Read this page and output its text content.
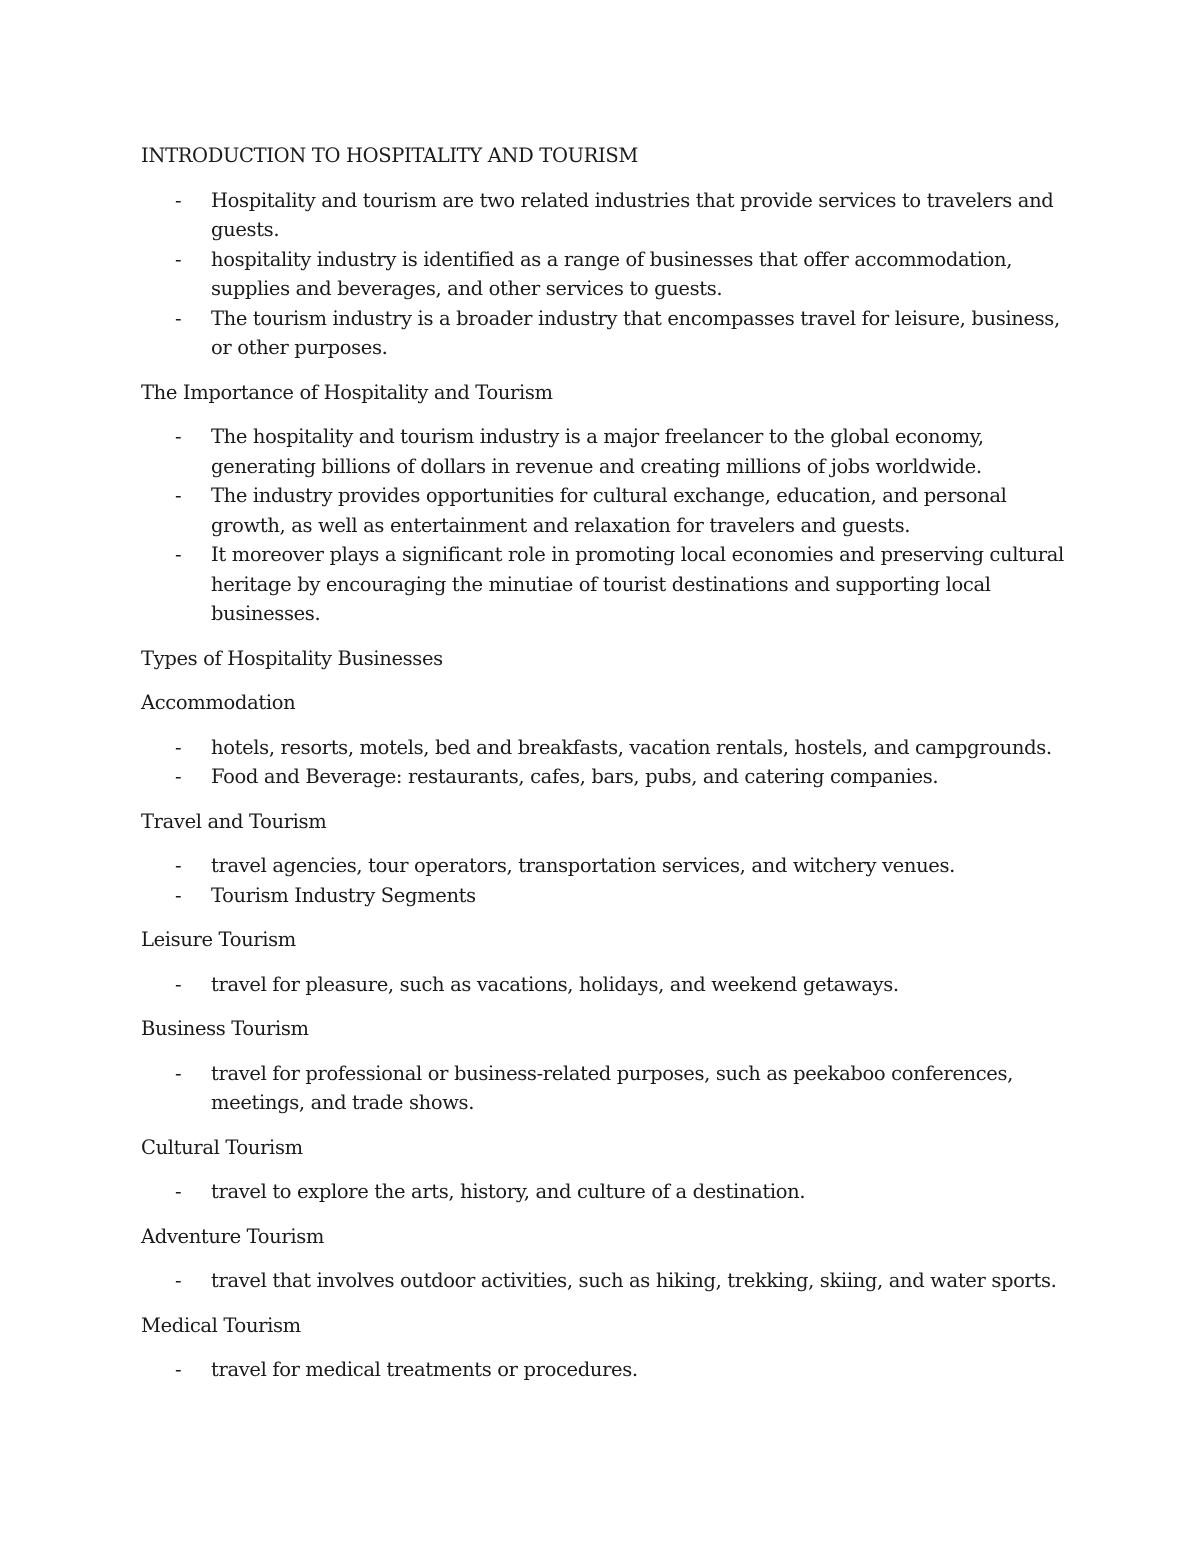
INTRODUCTION TO HOSPITALITY AND TOURISM

- Hospitality and tourism are two related industries that provide services to travelers and guests.
- hospitality industry is identified as a range of businesses that offer accommodation, supplies and beverages, and other services to guests.
- The tourism industry is a broader industry that encompasses travel for leisure, business, or other purposes.

The Importance of Hospitality and Tourism

- The hospitality and tourism industry is a major freelancer to the global economy, generating billions of dollars in revenue and creating millions of jobs worldwide.
- The industry provides opportunities for cultural exchange, education, and personal growth, as well as entertainment and relaxation for travelers and guests.
- It moreover plays a significant role in promoting local economies and preserving cultural heritage by encouraging the minutiae of tourist destinations and supporting local businesses.

Types of Hospitality Businesses

Accommodation

- hotels, resorts, motels, bed and breakfasts, vacation rentals, hostels, and campgrounds.
- Food and Beverage: restaurants, cafes, bars, pubs, and catering companies.

Travel and Tourism

- travel agencies, tour operators, transportation services, and witchery venues.
- Tourism Industry Segments

Leisure Tourism

- travel for pleasure, such as vacations, holidays, and weekend getaways.

Business Tourism

- travel for professional or business-related purposes, such as peekaboo conferences, meetings, and trade shows.

Cultural Tourism

- travel to explore the arts, history, and culture of a destination.

Adventure Tourism

- travel that involves outdoor activities, such as hiking, trekking, skiing, and water sports.

Medical Tourism

- travel for medical treatments or procedures.
